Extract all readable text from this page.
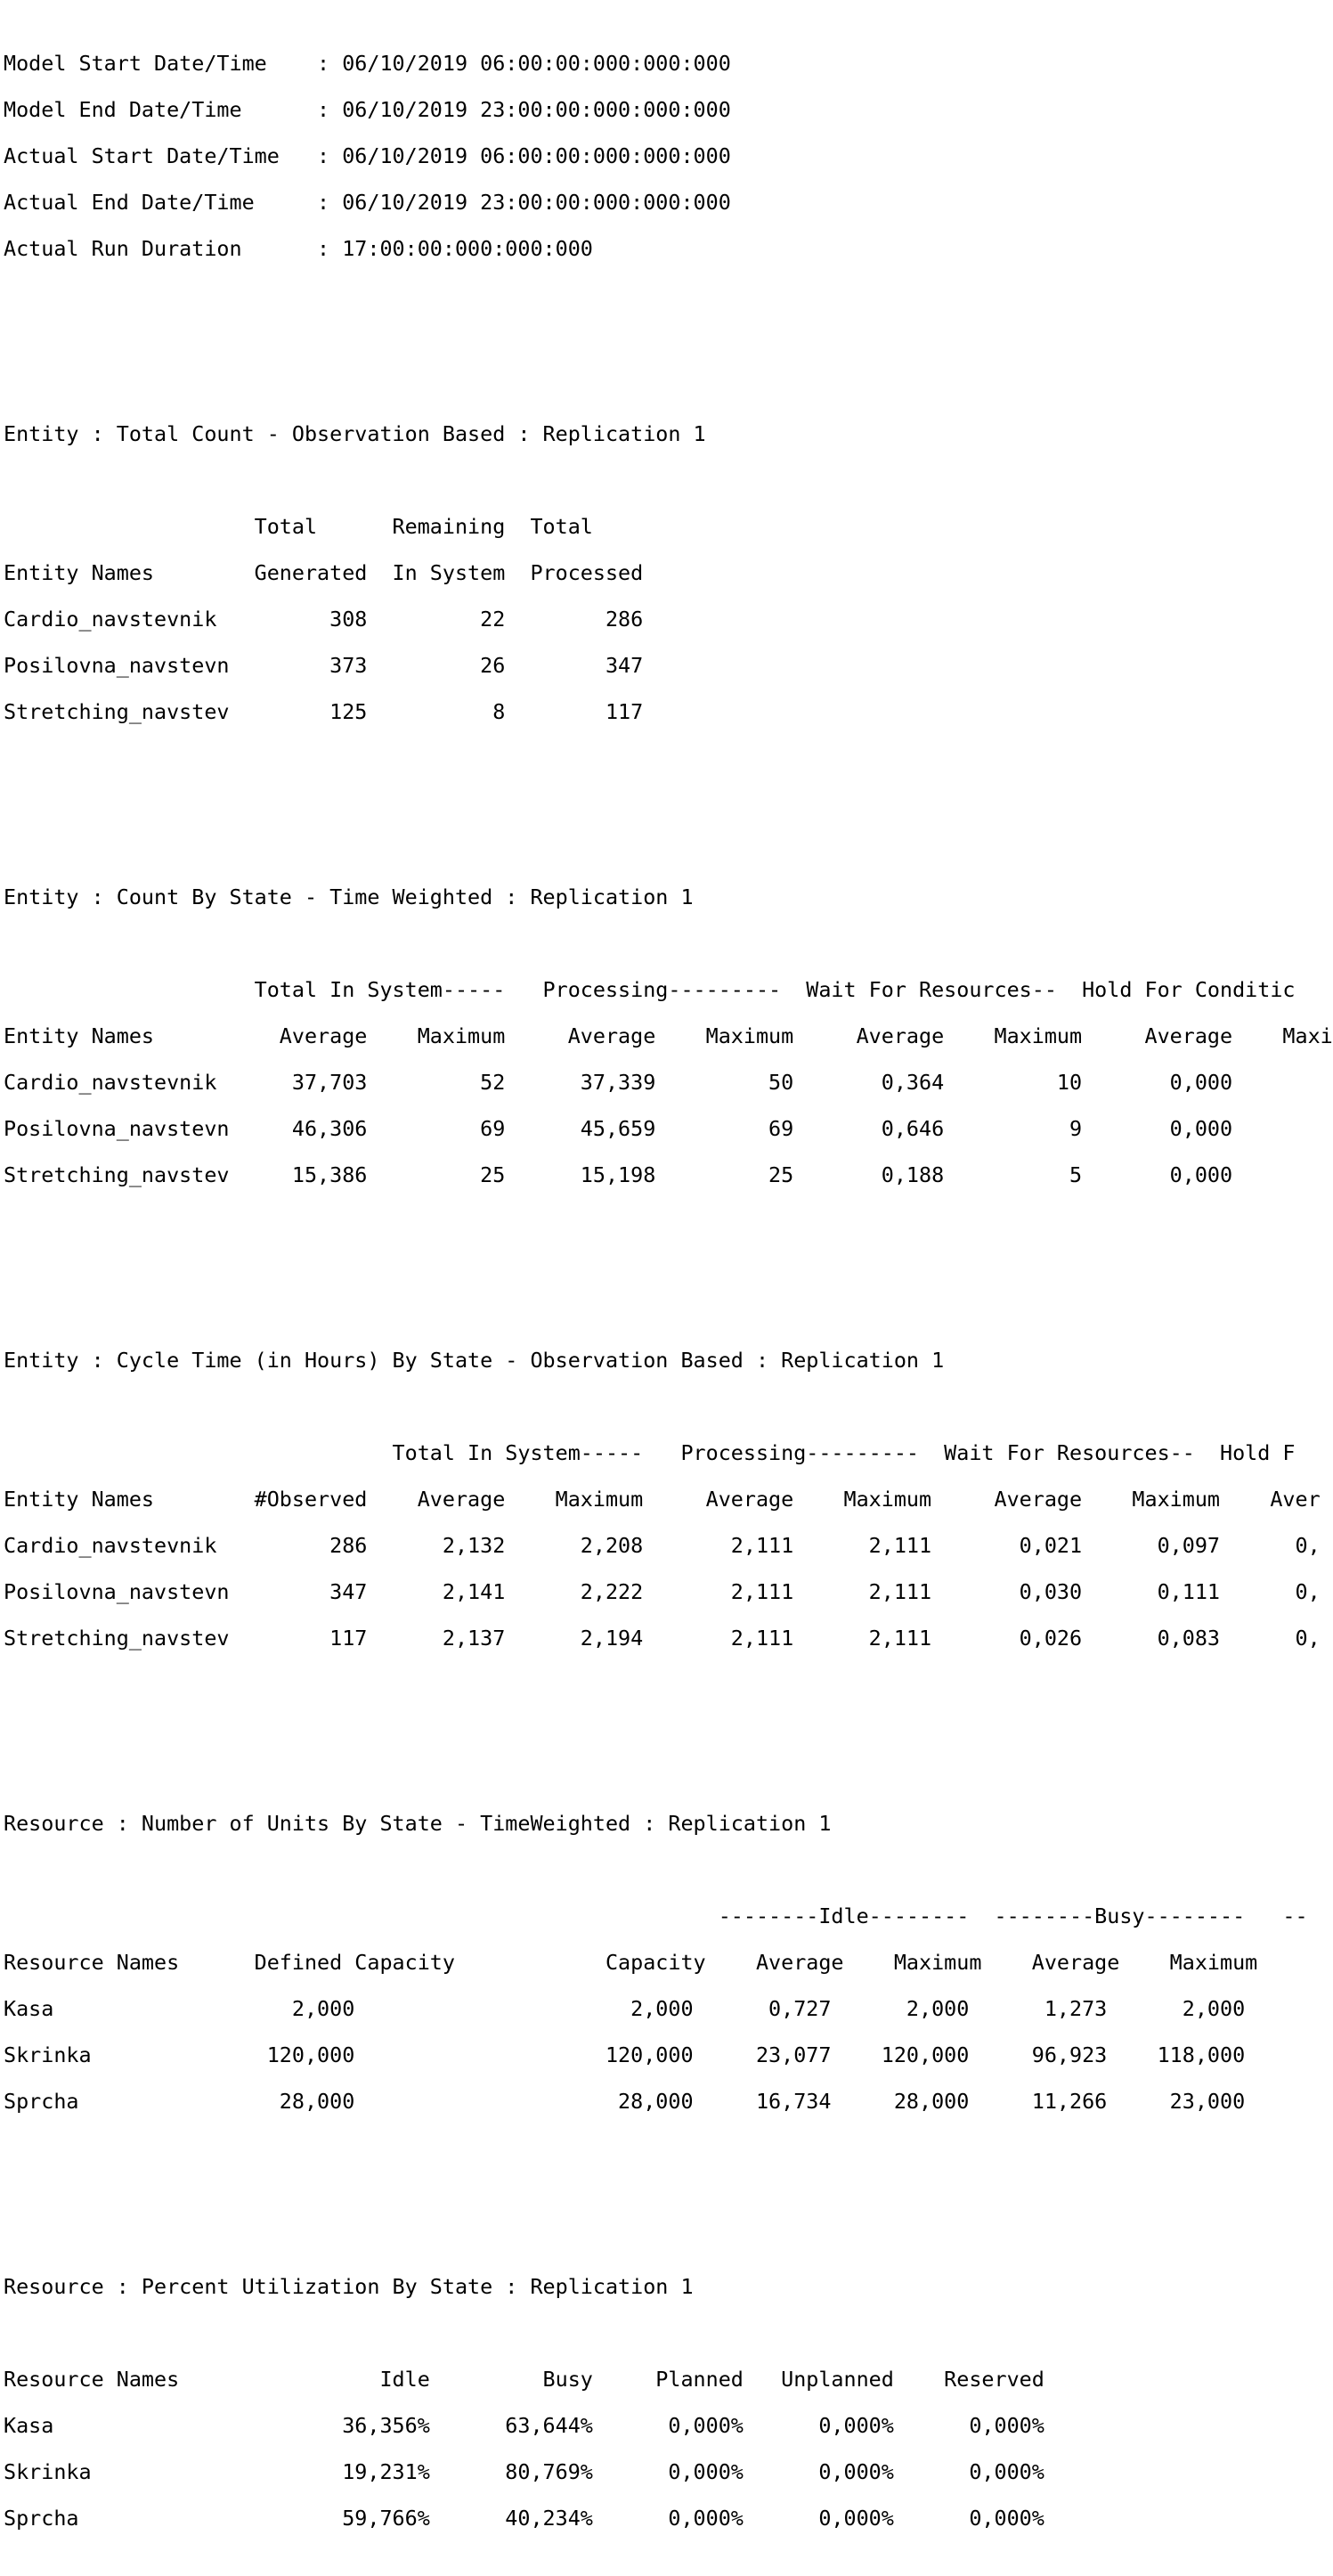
Model Start Date/Time    : 06/10/2019 06:00:00:000:000:000

Model End Date/Time      : 06/10/2019 23:00:00:000:000:000

Actual Start Date/Time   : 06/10/2019 06:00:00:000:000:000

Actual End Date/Time     : 06/10/2019 23:00:00:000:000:000

Actual Run Duration      : 17:00:00:000:000:000

Entity : Total Count - Observation Based : Replication 1

Total      Remaining  Total

Entity Names        Generated  In System  Processed

Cardio_navstevnik         308         22        286

Posilovna_navstevn        373         26        347

Stretching_navstev        125          8        117

Entity : Count By State - Time Weighted : Replication 1

Total In System-----   Processing---------  Wait For Resources--  Hold For Conditic

Entity Names          Average    Maximum     Average    Maximum     Average    Maximum     Average    Maxi

Cardio_navstevnik      37,703         52      37,339         50       0,364         10       0,000

Posilovna_navstevn     46,306         69      45,659         69       0,646          9       0,000

Stretching_navstev     15,386         25      15,198         25       0,188          5       0,000

Entity : Cycle Time (in Hours) By State - Observation Based : Replication 1

Total In System-----   Processing---------  Wait For Resources--  Hold F

Entity Names        #Observed    Average    Maximum     Average    Maximum     Average    Maximum    Aver

Cardio_navstevnik         286      2,132      2,208       2,111      2,111       0,021      0,097      0,

Posilovna_navstevn        347      2,141      2,222       2,111      2,111       0,030      0,111      0,

Stretching_navstev        117      2,137      2,194       2,111      2,111       0,026      0,083      0,

Resource : Number of Units By State - TimeWeighted : Replication 1

--------Idle--------  --------Busy--------   --

Resource Names      Defined Capacity            Capacity    Average    Maximum    Average    Maximum

Kasa                   2,000                      2,000      0,727      2,000      1,273      2,000

Skrinka              120,000                    120,000     23,077    120,000     96,923    118,000

Sprcha                28,000                     28,000     16,734     28,000     11,266     23,000

Resource : Percent Utilization By State : Replication 1

Resource Names                Idle         Busy     Planned   Unplanned    Reserved

Kasa                       36,356%      63,644%      0,000%      0,000%      0,000%

Skrinka                    19,231%      80,769%      0,000%      0,000%      0,000%

Sprcha                     59,766%      40,234%      0,000%      0,000%      0,000%
